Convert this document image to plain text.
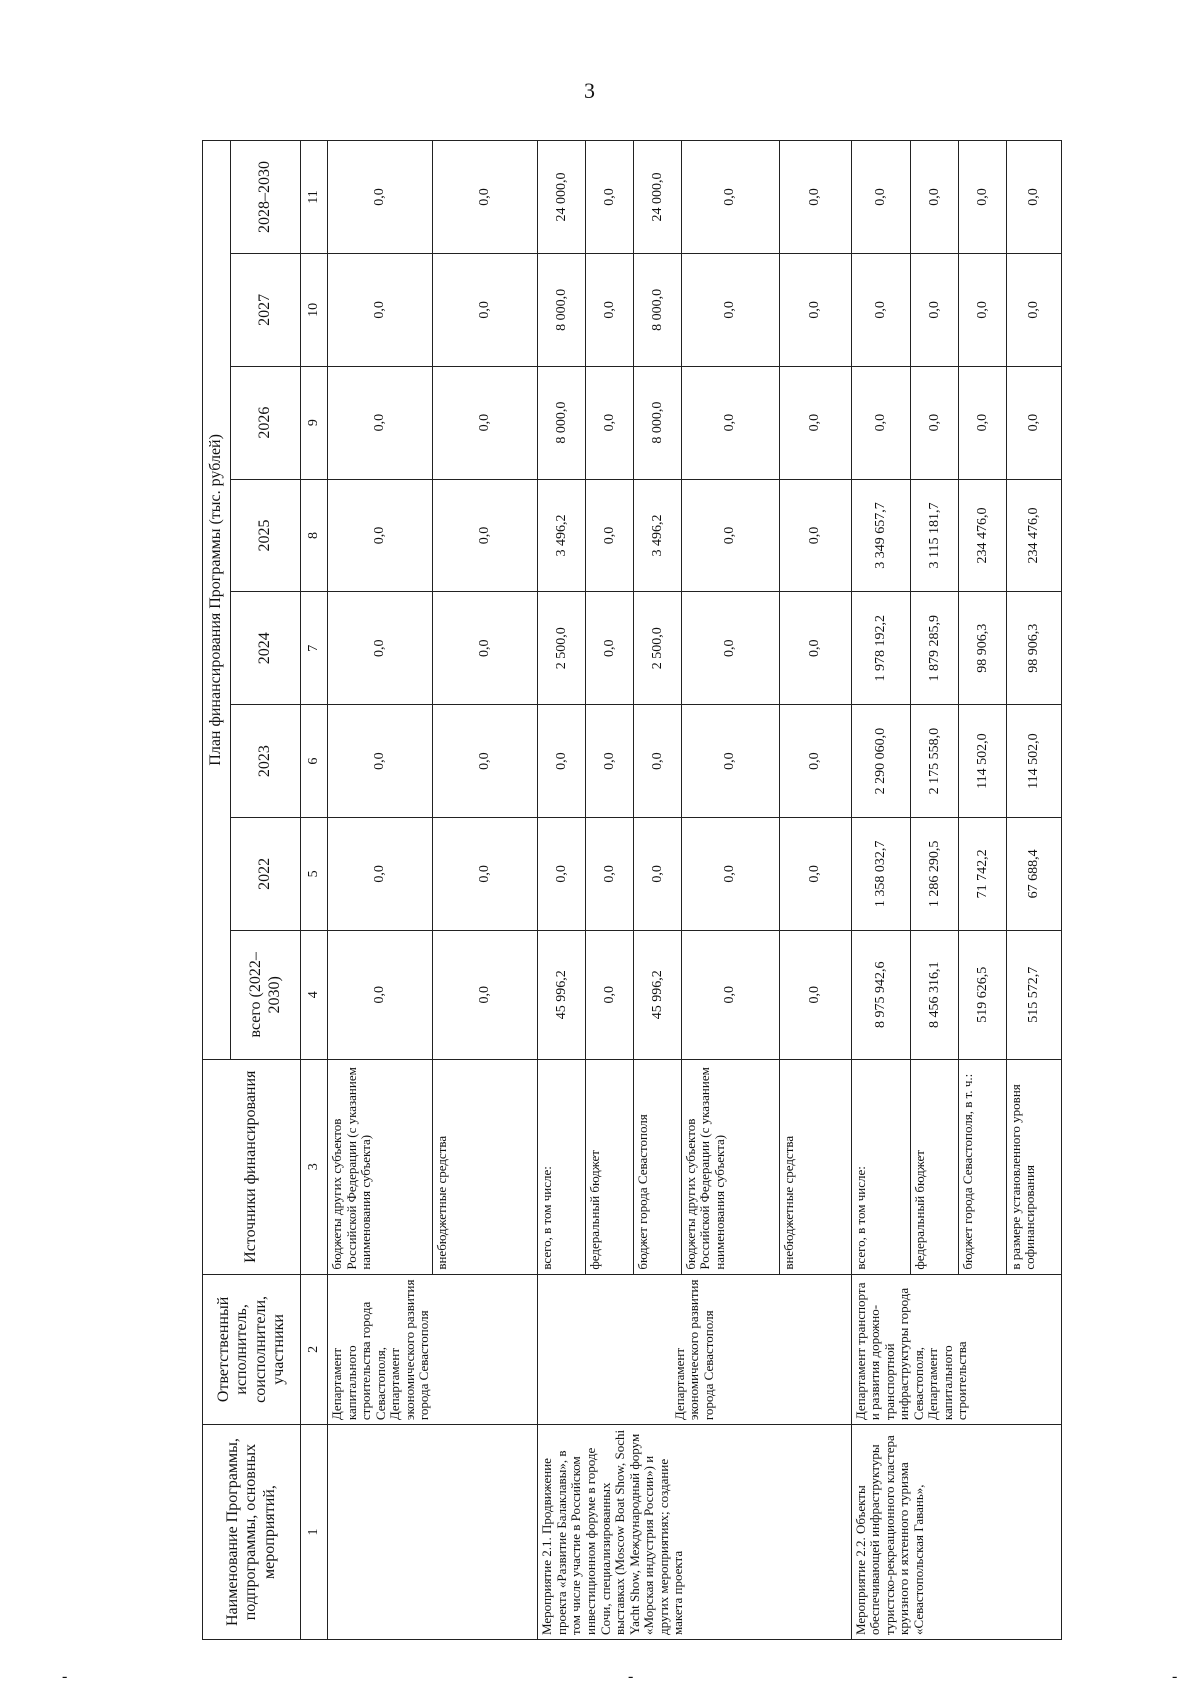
3
-	-	-
Наименование Программы, подпрограммы, основных мероприятий,	Ответственный исполнитель, соисполнители, участники	Источники финансирования	План финансирования Программы (тыс. рублей)							
			всего (2022–2030)	2022	2023	2024	2025	2026	2027	2028–2030
1	2	3	4	5	6	7	8	9	10	11
	Департамент капитального строительства города Севастополя, Департамент экономического развития города Севастополя	бюджеты других субъектов Российской Федерации (с указанием наименования субъекта)	0,0	0,0	0,0	0,0	0,0	0,0	0,0	0,0
		внебюджетные средства	0,0	0,0	0,0	0,0	0,0	0,0	0,0	0,0
Мероприятие 2.1. Продвижение проекта «Развитие Балаклавы», в том числе участие в Российском инвестиционном форуме в городе Сочи, специализированных выставках (Moscow Boat Show, Sochi Yacht Show, Международный форум «Морская индустрия России») и других мероприятиях; создание макета проекта	Департамент экономического развития города Севастополя	всего, в том числе:	45 996,2	0,0	0,0	2 500,0	3 496,2	8 000,0	8 000,0	24 000,0
		федеральный бюджет	0,0	0,0	0,0	0,0	0,0	0,0	0,0	0,0
		бюджет города Севастополя	45 996,2	0,0	0,0	2 500,0	3 496,2	8 000,0	8 000,0	24 000,0
		бюджеты других субъектов Российской Федерации (с указанием наименования субъекта)	0,0	0,0	0,0	0,0	0,0	0,0	0,0	0,0
		внебюджетные средства	0,0	0,0	0,0	0,0	0,0	0,0	0,0	0,0
Мероприятие 2.2. Объекты обеспечивающей инфраструктуры туристско-рекреационного кластера круизного и яхтенного туризма «Севастопольская Гавань»,	Департамент транспорта и развития дорожно-транспортной инфраструктуры города Севастополя, Департамент капитального строительства	всего, в том числе:	8 975 942,6	1 358 032,7	2 290 060,0	1 978 192,2	3 349 657,7	0,0	0,0	0,0
		федеральный бюджет	8 456 316,1	1 286 290,5	2 175 558,0	1 879 285,9	3 115 181,7	0,0	0,0	0,0
		бюджет города Севастополя, в т. ч.:	519 626,5	71 742,2	114 502,0	98 906,3	234 476,0	0,0	0,0	0,0
		в размере установленного уровня софинансирования	515 572,7	67 688,4	114 502,0	98 906,3	234 476,0	0,0	0,0	0,0
